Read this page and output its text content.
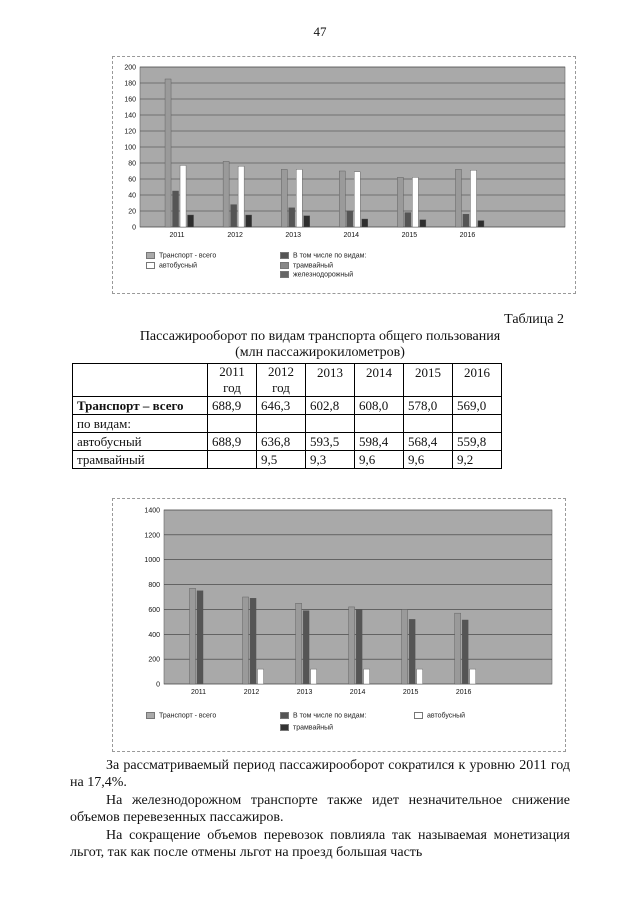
47
0
20
40
60
80
100
120
140
160
180
200
2011	2012	2013	2014	2015	2016
Транспорт - всего	В том числе по видам:
автобусный	трамвайный
железнодорожный
Таблица 2
Пассажирооборот по видам транспорта общего пользования
(млн пассажирокилометров)
	2011 год	2012 год	2013	2014	2015	2016
Транспорт – всего	688,9	646,3	602,8	608,0	578,0	569,0
по видам:						
автобусный	688,9	636,8	593,5	598,4	568,4	559,8
трамвайный		9,5	9,3	9,6	9,6	9,2
0
200
400
600
800
1000
1200
1400
2011	2012	2013	2014	2015	2016
Транспорт - всего	В том числе по видам:	автобусный
трамвайный
За рассматриваемый период пассажирооборот сократился к уровню 2011 год на 17,4%.
На железнодорожном транспорте также идет незначительное снижение объемов перевезенных пассажиров.
На сокращение объемов перевозок повлияла так называемая монетизация льгот, так как после отмены льгот на проезд большая часть
